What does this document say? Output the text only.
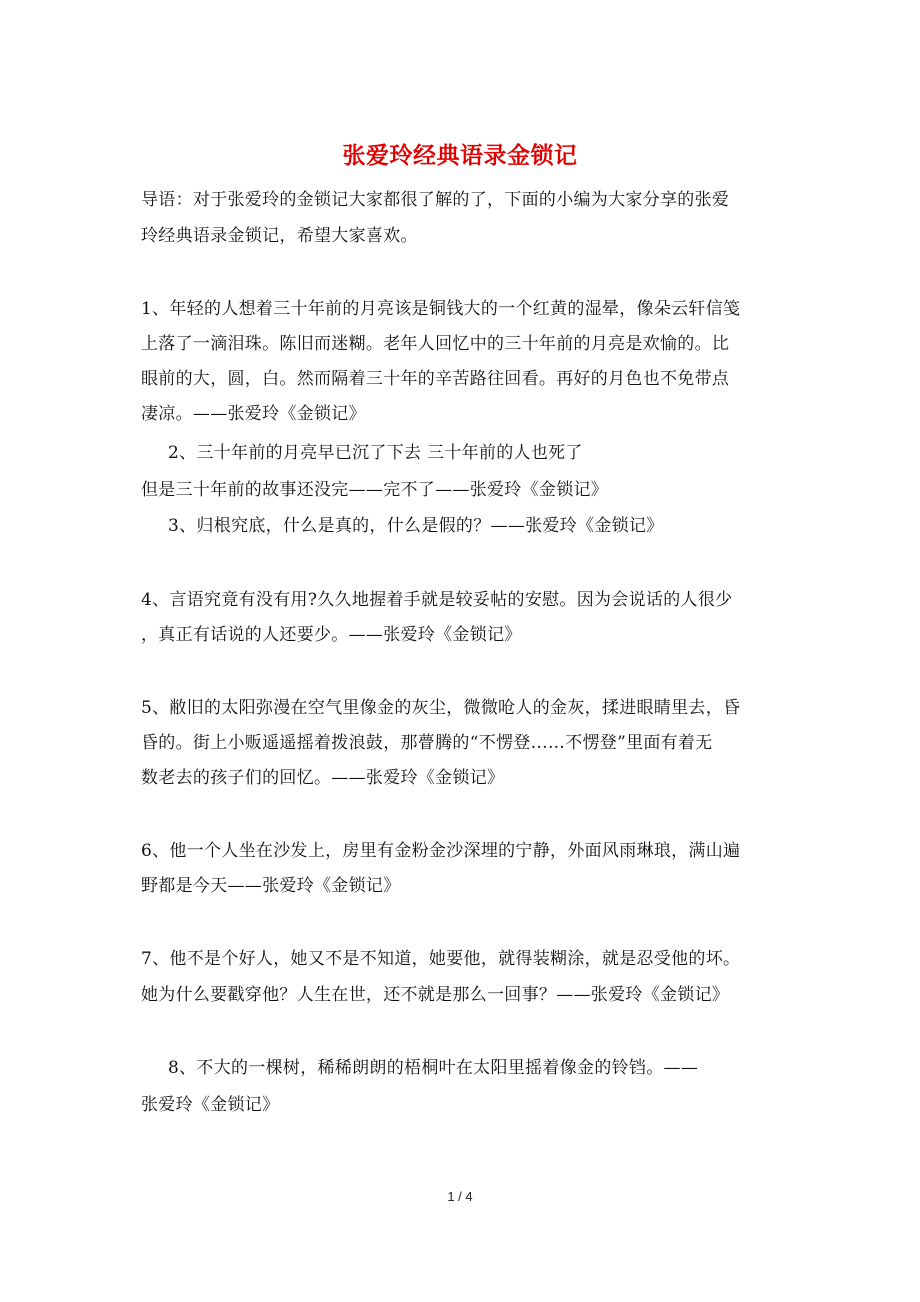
张爱玲经典语录金锁记
导语：对于张爱玲的金锁记大家都很了解的了，下面的小编为大家分享的张爱
玲经典语录金锁记，希望大家喜欢。
1、年轻的人想着三十年前的月亮该是铜钱大的一个红黄的湿晕，像朵云轩信笺
上落了一滴泪珠。陈旧而迷糊。老年人回忆中的三十年前的月亮是欢愉的。比
眼前的大，圆，白。然而隔着三十年的辛苦路往回看。再好的月色也不免带点
凄凉。——张爱玲《金锁记》
2、三十年前的月亮早已沉了下去 三十年前的人也死了
但是三十年前的故事还没完——完不了——张爱玲《金锁记》
3、归根究底，什么是真的，什么是假的？——张爱玲《金锁记》
4、言语究竟有没有用?久久地握着手就是较妥帖的安慰。因为会说话的人很少
，真正有话说的人还要少。——张爱玲《金锁记》
5、敝旧的太阳弥漫在空气里像金的灰尘，微微呛人的金灰，揉进眼睛里去，昏
昏的。街上小贩遥遥摇着拨浪鼓，那瞢腾的“不愣登……不愣登”里面有着无
数老去的孩子们的回忆。——张爱玲《金锁记》
6、他一个人坐在沙发上，房里有金粉金沙深埋的宁静，外面风雨琳琅，满山遍
野都是今天——张爱玲《金锁记》
7、他不是个好人，她又不是不知道，她要他，就得装糊涂，就是忍受他的坏。
她为什么要戳穿他？人生在世，还不就是那么一回事？——张爱玲《金锁记》
8、不大的一棵树，稀稀朗朗的梧桐叶在太阳里摇着像金的铃铛。——
张爱玲《金锁记》
1 / 4
